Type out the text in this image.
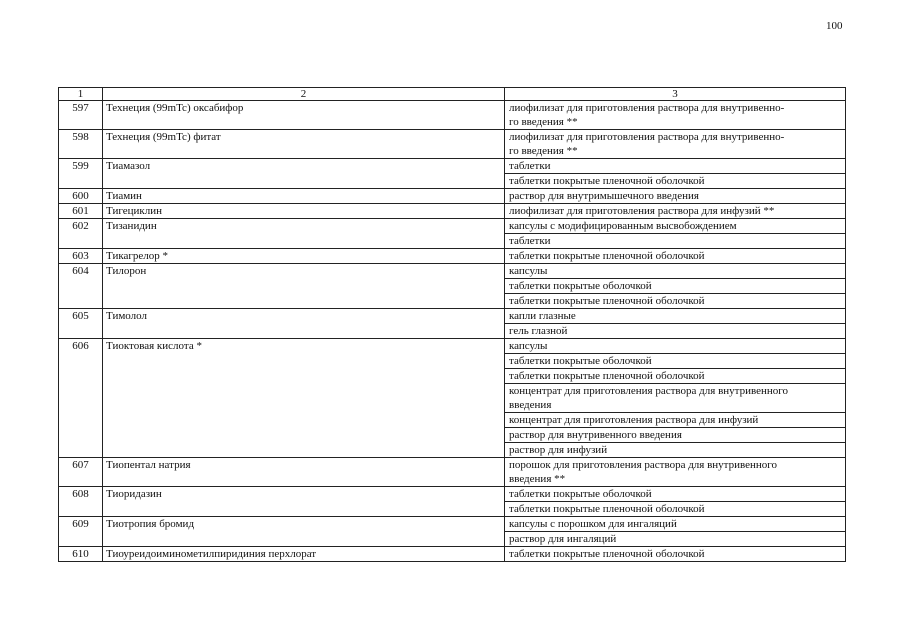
100
1	2	3
597	Технеция (99mTc) оксабифор	лиофилизат для приготовления раствора для внутривенно-
го введения **

598	Технеция (99mTc) фитат	лиофилизат для приготовления раствора для внутривенно-
го введения **

599	Тиамазол	таблетки
		таблетки покрытые пленочной оболочкой
600	Тиамин	раствор для внутримышечного введения
601	Тигециклин	лиофилизат для приготовления раствора для инфузий **
602	Тизанидин	капсулы с модифицированным высвобождением
		таблетки
603	Тикагрелор *	таблетки покрытые пленочной оболочкой
604	Тилорон	капсулы
		таблетки покрытые оболочкой
		таблетки покрытые пленочной оболочкой
605	Тимолол	капли глазные
		гель глазной
606	Тиоктовая кислота *	капсулы
		таблетки покрытые оболочкой
		таблетки покрытые пленочной оболочкой

		концентрат для приготовления раствора для внутривенного
введения

		концентрат для приготовления раствора для инфузий
		раствор для внутривенного введения
		раствор для инфузий
607	Тиопентал натрия	порошок для приготовления раствора для внутривенного
введения **

608	Тиоридазин	таблетки покрытые оболочкой
		таблетки покрытые пленочной оболочкой
609	Тиотропия бромид	капсулы с порошком для ингаляций
		раствор для ингаляций
610	Тиоуреидоиминометилпиридиния перхлорат	таблетки покрытые пленочной оболочкой
